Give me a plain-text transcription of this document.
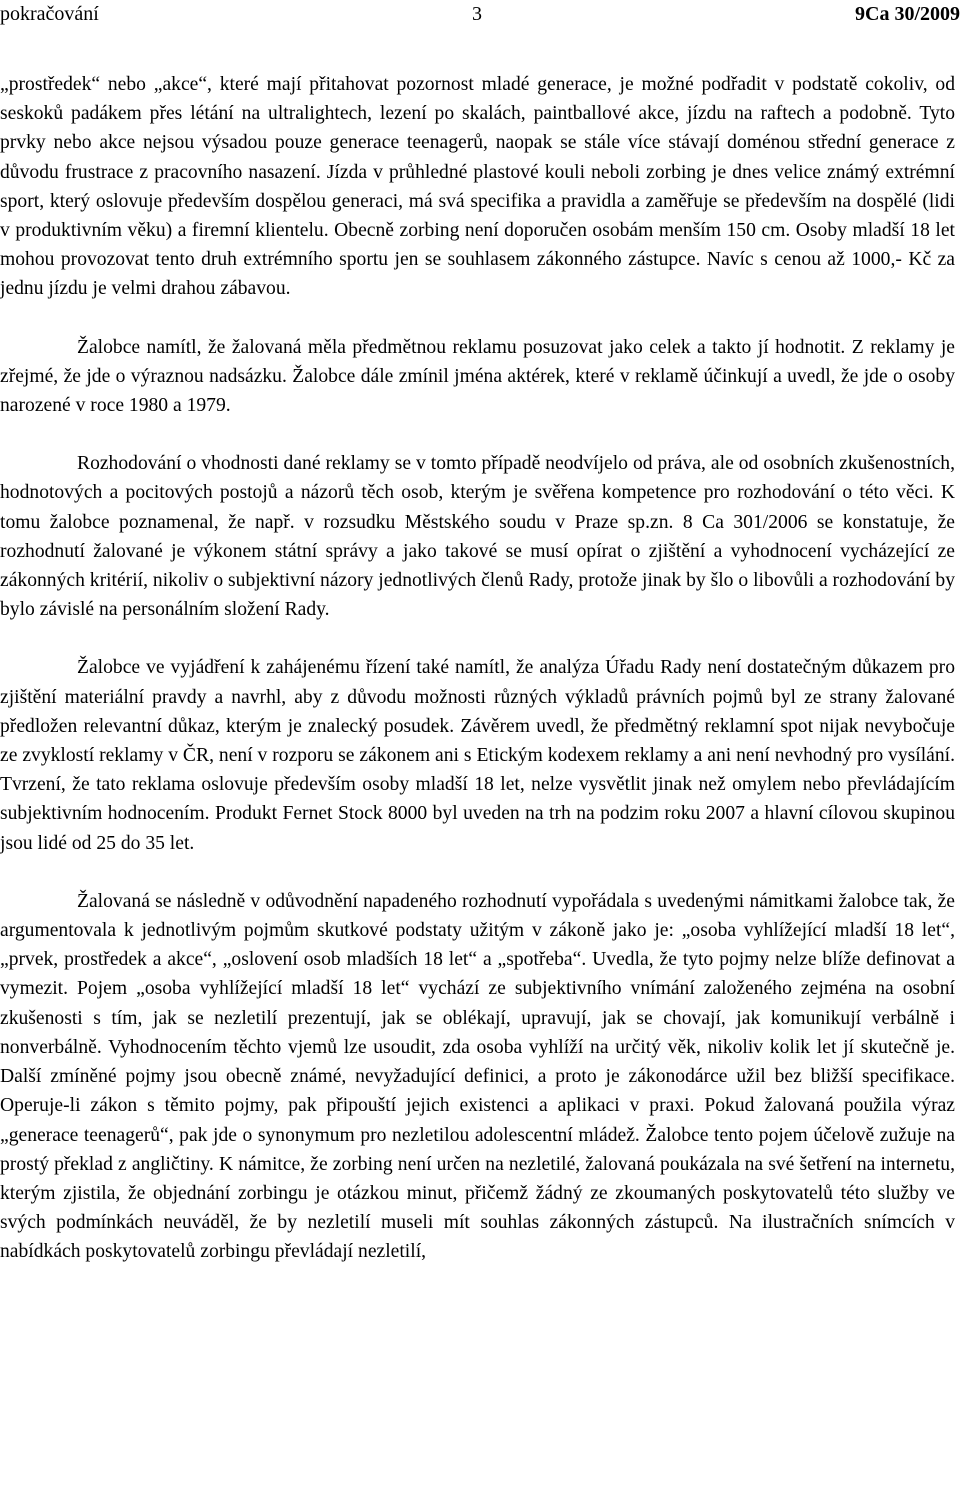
pokračování	3	9Ca 30/2009

„prostředek“ nebo „akce“, které mají přitahovat pozornost mladé generace, je možné podřadit v podstatě cokoliv, od seskoků padákem přes létání na ultralightech, lezení po skalách, paintballové akce, jízdu na raftech a podobně. Tyto prvky nebo akce nejsou výsadou pouze generace teenagerů, naopak se stále více stávají doménou střední generace z důvodu frustrace z pracovního nasazení. Jízda v průhledné plastové kouli neboli zorbing je dnes velice známý extrémní sport, který oslovuje především dospělou generaci, má svá specifika a pravidla a zaměřuje se především na dospělé (lidi v produktivním věku) a firemní klientelu. Obecně zorbing není doporučen osobám menším 150 cm. Osoby mladší 18 let mohou provozovat tento druh extrémního sportu jen se souhlasem zákonného zástupce. Navíc s cenou až 1000,- Kč za jednu jízdu je velmi drahou zábavou.

Žalobce namítl, že žalovaná měla předmětnou reklamu posuzovat jako celek a takto jí hodnotit. Z reklamy je zřejmé, že jde o výraznou nadsázku. Žalobce dále zmínil jména aktérek, které v reklamě účinkují a uvedl, že jde o osoby narozené v roce 1980 a 1979.

Rozhodování o vhodnosti dané reklamy se v tomto případě neodvíjelo od práva, ale od osobních zkušenostních, hodnotových a pocitových postojů a názorů těch osob, kterým je svěřena kompetence pro rozhodování o této věci. K tomu žalobce poznamenal, že např. v rozsudku Městského soudu v Praze sp.zn. 8 Ca 301/2006 se konstatuje, že rozhodnutí žalované je výkonem státní správy a jako takové se musí opírat o zjištění a vyhodnocení vycházející ze zákonných kritérií, nikoliv o subjektivní názory jednotlivých členů Rady, protože jinak by šlo o libovůli a rozhodování by bylo závislé na personálním složení Rady.

Žalobce ve vyjádření k zahájenému řízení také namítl, že analýza Úřadu Rady není dostatečným důkazem pro zjištění materiální pravdy a navrhl, aby z důvodu možnosti různých výkladů právních pojmů byl ze strany žalované předložen relevantní důkaz, kterým je znalecký posudek. Závěrem uvedl, že předmětný reklamní spot nijak nevybočuje ze zvyklostí reklamy v ČR, není v rozporu se zákonem ani s Etickým kodexem reklamy a ani není nevhodný pro vysílání. Tvrzení, že tato reklama oslovuje především osoby mladší 18 let, nelze vysvětlit jinak než omylem nebo převládajícím subjektivním hodnocením. Produkt Fernet Stock 8000 byl uveden na trh na podzim roku 2007 a hlavní cílovou skupinou jsou lidé od 25 do 35 let.

Žalovaná se následně v odůvodnění napadeného rozhodnutí vypořádala s uvedenými námitkami žalobce tak, že argumentovala k jednotlivým pojmům skutkové podstaty užitým v zákoně jako je: „osoba vyhlížející mladší 18 let“, „prvek, prostředek a akce“, „oslovení osob mladších 18 let“ a „spotřeba“. Uvedla, že tyto pojmy nelze blíže definovat a vymezit. Pojem „osoba vyhlížející mladší 18 let“ vychází ze subjektivního vnímání založeného zejména na osobní zkušenosti s tím, jak se nezletilí prezentují, jak se oblékají, upravují, jak se chovají, jak komunikují verbálně i nonverbálně. Vyhodnocením těchto vjemů lze usoudit, zda osoba vyhlíží na určitý věk, nikoliv kolik let jí skutečně je. Další zmíněné pojmy jsou obecně známé, nevyžadující definici, a proto je zákonodárce užil bez bližší specifikace. Operuje-li zákon s těmito pojmy, pak připouští jejich existenci a aplikaci v praxi. Pokud žalovaná použila výraz „generace teenagerů“, pak jde o synonymum pro nezletilou adolescentní mládež. Žalobce tento pojem účelově zužuje na prostý překlad z angličtiny. K námitce, že zorbing není určen na nezletilé, žalovaná poukázala na své šetření na internetu, kterým zjistila, že objednání zorbingu je otázkou minut, přičemž žádný ze zkoumaných poskytovatelů této služby ve svých podmínkách neuváděl, že by nezletilí museli mít souhlas zákonných zástupců. Na ilustračních snímcích v nabídkách poskytovatelů zorbingu převládají nezletilí,
